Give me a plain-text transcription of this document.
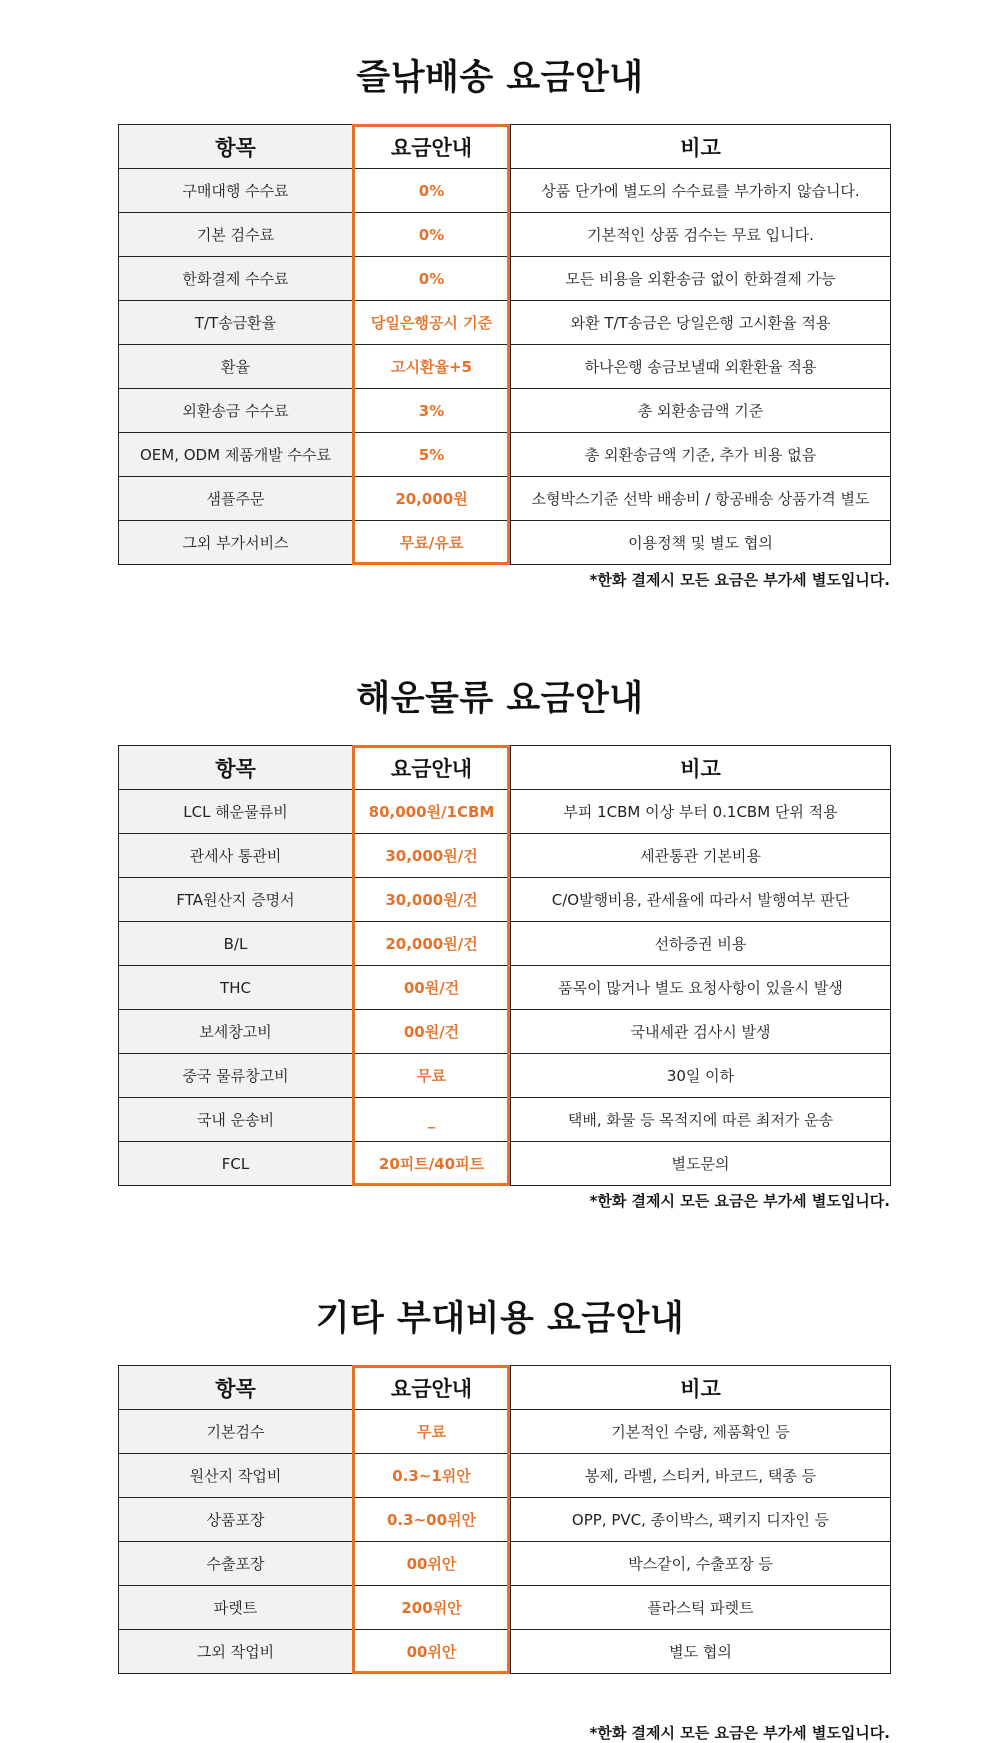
즐낚배송 요금안내
항목	요금안내	비고
구매대행 수수료	0%	상품 단가에 별도의 수수료를 부가하지 않습니다.
기본 검수료	0%	기본적인 상품 검수는 무료 입니다.
한화결제 수수료	0%	모든 비용을 외환송금 없이 한화결제 가능
T/T송금환율	당일은행공시 기준	와환 T/T송금은 당일은행 고시환율 적용
환율	고시환율+5	하나은행 송금보낼때 외환환율 적용
외환송금 수수료	3%	총 외환송금액 기준
OEM, ODM 제품개발 수수료	5%	총 외환송금액 기준, 추가 비용 없음
샘플주문	20,000원	소형박스기준 선박 배송비 / 항공배송 상품가격 별도
그외 부가서비스	무료/유료	이용정책 및 별도 협의
*한화 결제시 모든 요금은 부가세 별도입니다.
해운물류 요금안내
항목	요금안내	비고
LCL 해운물류비	80,000원/1CBM	부피 1CBM 이상 부터 0.1CBM 단위 적용
관세사 통관비	30,000원/건	세관통관 기본비용
FTA원산지 증명서	30,000원/건	C/O발행비용, 관세율에 따라서 발행여부 판단
B/L	20,000원/건	선하증권 비용
THC	00원/건	품목이 많거나 별도 요청사항이 있을시 발생
보세창고비	00원/건	국내세관 검사시 발생
중국 물류창고비	무료	30일 이하
국내 운송비	_	택배, 화물 등 목적지에 따른 최저가 운송
FCL	20피트/40피트	별도문의
*한화 결제시 모든 요금은 부가세 별도입니다.
기타 부대비용 요금안내
항목	요금안내	비고
기본검수	무료	기본적인 수량, 제품확인 등
원산지 작업비	0.3~1위안	봉제, 라벨, 스티커, 바코드, 택종 등
상품포장	0.3~00위안	OPP, PVC, 종이박스, 팩키지 디자인 등
수출포장	00위안	박스같이, 수출포장 등
파렛트	200위안	플라스틱 파렛트
그외 작업비	00위안	별도 협의
*한화 결제시 모든 요금은 부가세 별도입니다.
